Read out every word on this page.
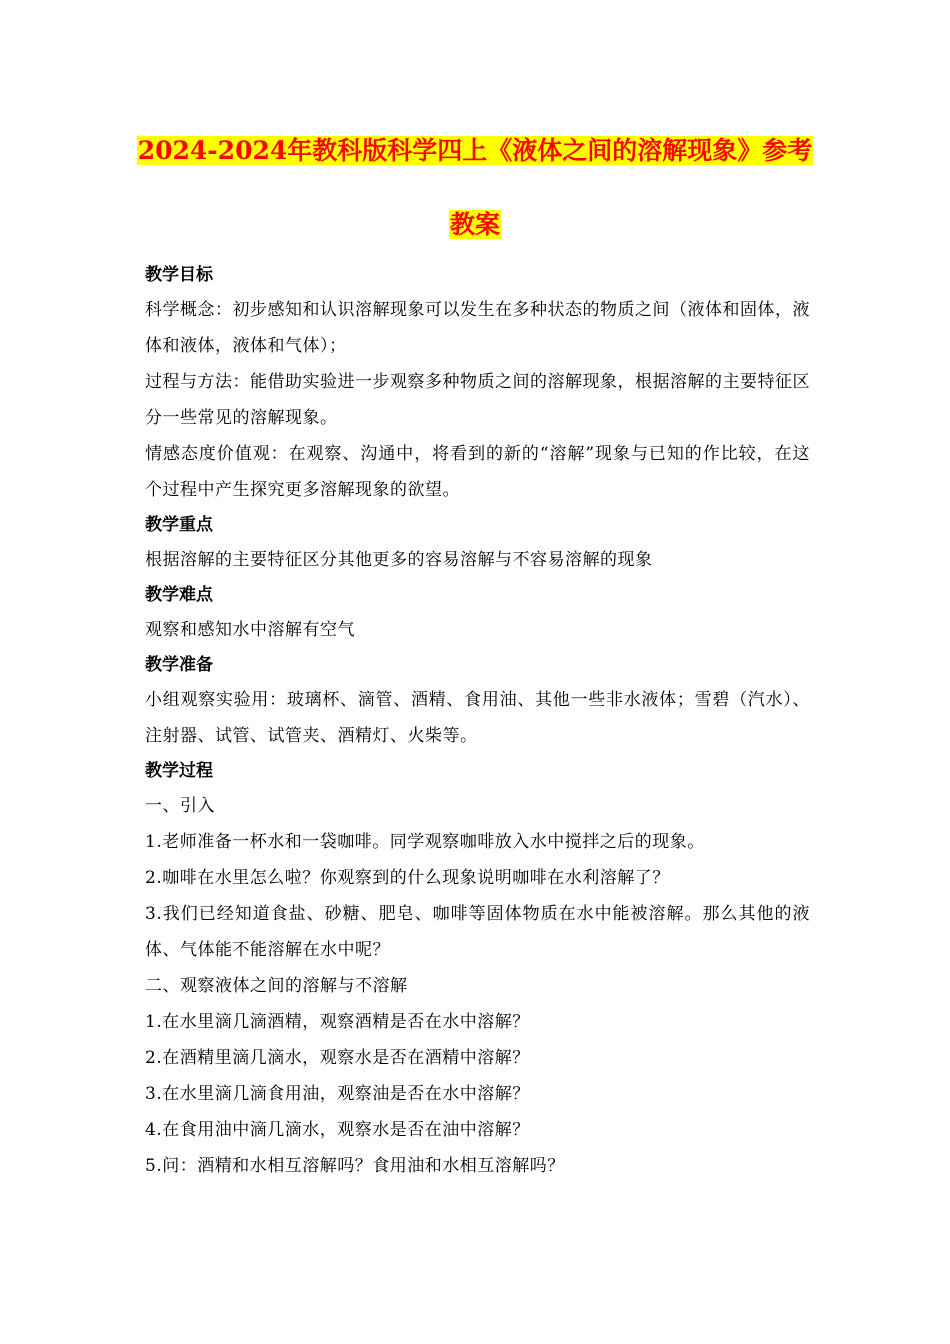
2024-2024年教科版科学四上《液体之间的溶解现象》参考
教案

教学目标

科学概念：初步感知和认识溶解现象可以发生在多种状态的物质之间（液体和固体，液体和液体，液体和气体）；

过程与方法：能借助实验进一步观察多种物质之间的溶解现象，根据溶解的主要特征区分一些常见的溶解现象。

情感态度价值观：在观察、沟通中，将看到的新的“溶解”现象与已知的作比较，在这个过程中产生探究更多溶解现象的欲望。

教学重点

根据溶解的主要特征区分其他更多的容易溶解与不容易溶解的现象

教学难点

观察和感知水中溶解有空气

教学准备

小组观察实验用：玻璃杯、滴管、酒精、食用油、其他一些非水液体；雪碧（汽水）、注射器、试管、试管夹、酒精灯、火柴等。

教学过程

一、引入

1.老师准备一杯水和一袋咖啡。同学观察咖啡放入水中搅拌之后的现象。

2.咖啡在水里怎么啦？你观察到的什么现象说明咖啡在水利溶解了？

3.我们已经知道食盐、砂糖、肥皂、咖啡等固体物质在水中能被溶解。那么其他的液体、气体能不能溶解在水中呢？

二、观察液体之间的溶解与不溶解

1.在水里滴几滴酒精，观察酒精是否在水中溶解？

2.在酒精里滴几滴水，观察水是否在酒精中溶解？

3.在水里滴几滴食用油，观察油是否在水中溶解？

4.在食用油中滴几滴水，观察水是否在油中溶解？

5.问：酒精和水相互溶解吗？食用油和水相互溶解吗？
